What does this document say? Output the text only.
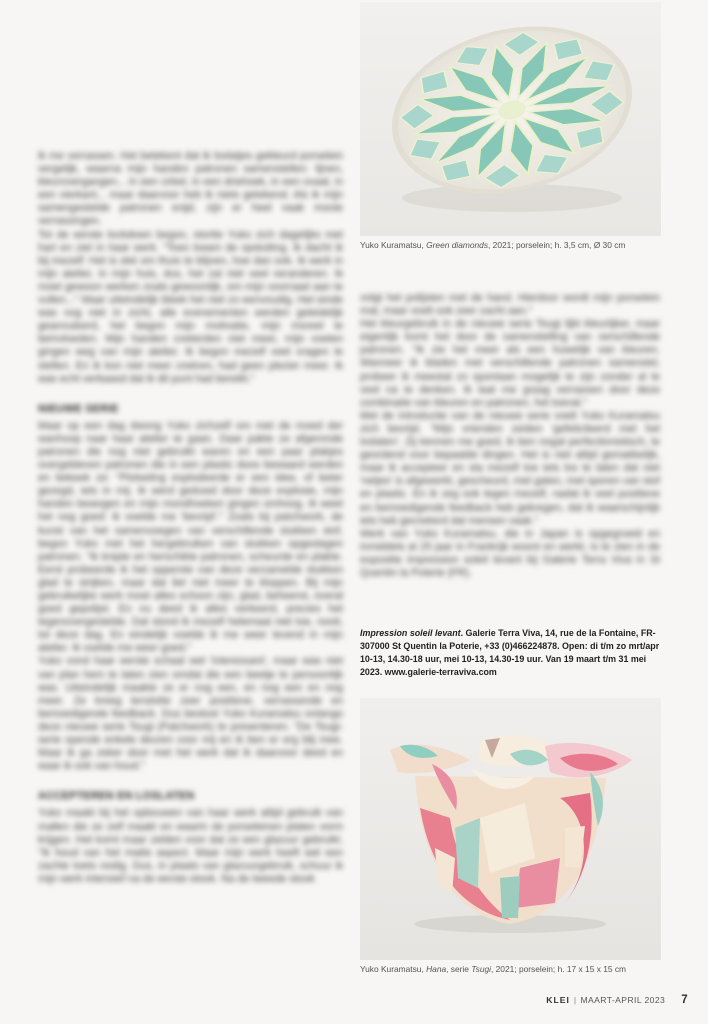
ik me verrassen. Het betekent dat ik loslatjes gekleurd porselein vergelijk, waarna mijn handen patronen samenstellen: lijnen, kleurovergangen... in een cirkel, in een driehoek, in een ovaal, in een vierkant... maar daarvoor heb ik niets getekend. Als ik mijn samengestelde patronen snijd, zijn er heel vaak mooie verrassingen.

Tot de eerste lockdown begon, stortte Yuko zich dagelijks met hart en ziel in haar werk. "Toen kwam de opsluiting. Ik dacht ik bij mezelf: Het is oké om thuis te blijven, hoe dan ook. Ik werk in mijn atelier, in mijn huis, dus, het zal niet veel veranderen. Ik moet gewoon werken zoals gewoonlijk, om mijn voorraad aan te vullen..." Maar uiteindelijk bleek het niet zo eenvoudig. Het einde was nog niet in zicht, alle evenementen werden geleidelijk geannuleerd, het begon mijn motivatie, mijn moreel te beïnvloeden. Mijn handen creëerden niet meer, mijn voeten gingen weg van mijn atelier. Ik begon mezelf veel vragen te stellen. En ik kon niet meer creëren, had geen plezier meer. Ik was echt verbaasd dat ik dit punt had bereikt."

NIEUWE SERIE

Maar op een dag dwong Yuko zichzelf om met de moed der wanhoop naar haar atelier te gaan. Daar pakte ze afgeronde patronen die nog niet gebruikt waren en een paar plakjes overgebleven patronen die in een plastic doos bewaard werden en bekeek ze: "Plotseling explodeerde er een idee, of beter gezegd, iets in mij. Ik werd geduwd door deze explosie, mijn handen bewogen en mijn mondhoeken gingen omhoog. Ik weet het nog goed: ik voelde me 'bevrijd'." Zoals bij patchwork, de kunst van het samenvoegen van verschillende stukken stof, begon Yuko met het hergebruiken van stukken opgeslagen patronen. "Ik knipte en herschikte patronen, scheurde en plakte. Eerst probeerde ik het opperste van deze verzamelde stukken glad te strijken, maar dat liet niet meer te kloppen. Bij mijn gebruikelijke werk moet alles schoon zijn, glad, beheerst, overal goed gepolijst. En nu deed ik alles verkeerd, precies het tegenovergestelde. Dat stond ik mezelf helemaal niet toe, nooit, tot deze dag. En eindelijk voelde ik me weer levend in mijn atelier. Ik voelde me weer goed."

Yuko vond haar eerste schaal wel 'interessant', maar was niet van plan hem te laten zien omdat die een beetje te persoonlijk was. Uiteindelijk maakte ze er nog een, en nog een en nog meer. Ze kreeg tenslotte zeer positieve, verrassende en bemoedigende feedback. Dus besloot Yuko Kuramatsu ontango deze nieuwe serie Tsugi (Patchwork) te presenteren. "De Tsugi-serie opende enkele deuren voor mij en ik ben er erg blij mee. Maar ik ga zeker door met het werk dat ik daarvoor deed en waar ik ook van houd."

ACCEPTEREN EN LOSLATEN

Yuko maakt bij het opbouwen van haar werk altijd gebruik van mallen die ze zelf maakt en waarin de porseleinen platen vorm krijgen. Het komt maar zelden voor dat ze een glazuur gebruikt. "Ik houd van het matte aspect. Maar mijn werk heeft wel een zachte toets nodig. Dus, in plaats van glazuurgebruik, schuur ik mijn werk intensief na de eerste stook. Na de tweede stook

Yuko Kuramatsu, Green diamonds, 2021; porselein; h. 3,5 cm, Ø 30 cm

volgt het polijsten met de hand. Hierdoor wordt mijn porselein mat, maar voelt ook zeer zacht aan."

Het kleurgebruik in de nieuwe serie Tsugi lijkt kleuriijker, maar eigenlijk komt het door de samenstelling van verschillende patronen. "Ik zie het meer als een huwelijk van kleuren. Wanneer ik bladen met verschillende patronen samenstel, probeer ik meestal zo spontaan mogelijk te zijn zonder al te veel na te denken. Ik laat me graag verrassen door deze combinatie van kleuren en patronen, het toeval."

Met de introductie van de nieuwe serie voelt Yuko Kuramatsu zich bevrijd. "Mijn vrienden zeiden 'gefeliciteerd met het loslaten'. Zij kennen me goed, ik ben nogal perfectionistisch, te geordend voor bepaalde dingen. Het is niet altijd gemakkelijk, maar ik accepteer en sta mezelf toe iets los te laten dat niet 'netjes' is afgewerkt, gescheurd, met gaten, met sporen van stof en plastic. En ik zeg ook tegen mezelf, nadat ik veel positieve en bemoedigende feedback heb gekregen, dat ik waarschijnlijk iets heb gecreëerd dat mensen vaak."

Werk van Yuko Kuramatsu, die in Japan is opgegroeid en inmiddels al 25 jaar in Frankrijk woont en werkt, is te zien in de expositie Impression soleil levant bij Galerie Terra Viva in St Quentin la Poterie (FR).

Impression soleil levant. Galerie Terra Viva, 14, rue de la Fontaine, FR-307000 St Quentin la Poterie, +33 (0)466224878. Open: di t/m zo mrt/apr 10-13, 14.30-18 uur, mei 10-13, 14.30-19 uur. Van 19 maart t/m 31 mei 2023. www.galerie-terraviva.com
Yuko Kuramatsu, Hana, serie Tsugi, 2021; porselein; h. 17 x 15 x 15 cm
KLEI | MAART-APRIL 2023 7
